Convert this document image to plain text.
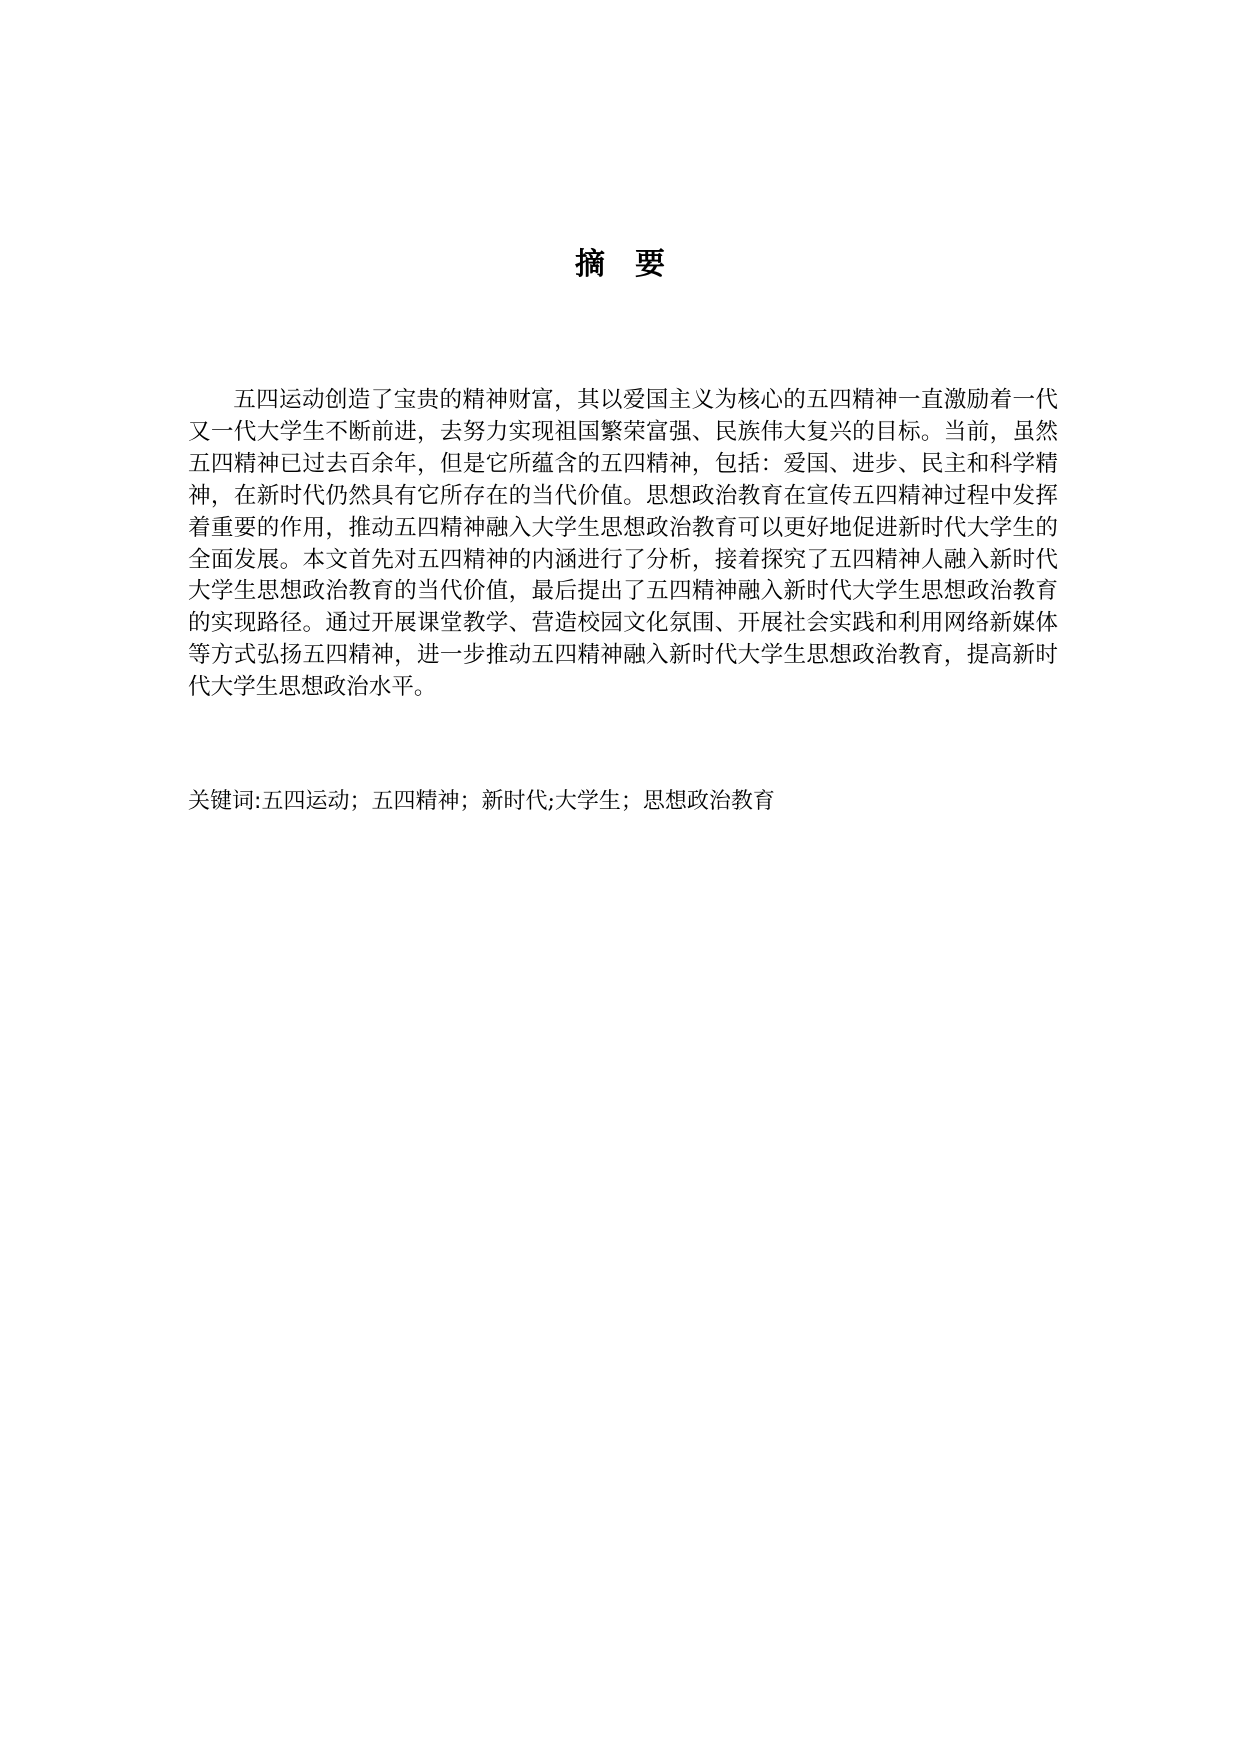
摘　要

五四运动创造了宝贵的精神财富，其以爱国主义为核心的五四精神一直激励着一代又一代大学生不断前进，去努力实现祖国繁荣富强、民族伟大复兴的目标。当前，虽然五四精神已过去百余年，但是它所蕴含的五四精神，包括：爱国、进步、民主和科学精神，在新时代仍然具有它所存在的当代价值。思想政治教育在宣传五四精神过程中发挥着重要的作用，推动五四精神融入大学生思想政治教育可以更好地促进新时代大学生的全面发展。本文首先对五四精神的内涵进行了分析，接着探究了五四精神人融入新时代大学生思想政治教育的当代价值，最后提出了五四精神融入新时代大学生思想政治教育的实现路径。通过开展课堂教学、营造校园文化氛围、开展社会实践和利用网络新媒体等方式弘扬五四精神，进一步推动五四精神融入新时代大学生思想政治教育，提高新时代大学生思想政治水平。

关键词:五四运动；五四精神；新时代;大学生；思想政治教育
